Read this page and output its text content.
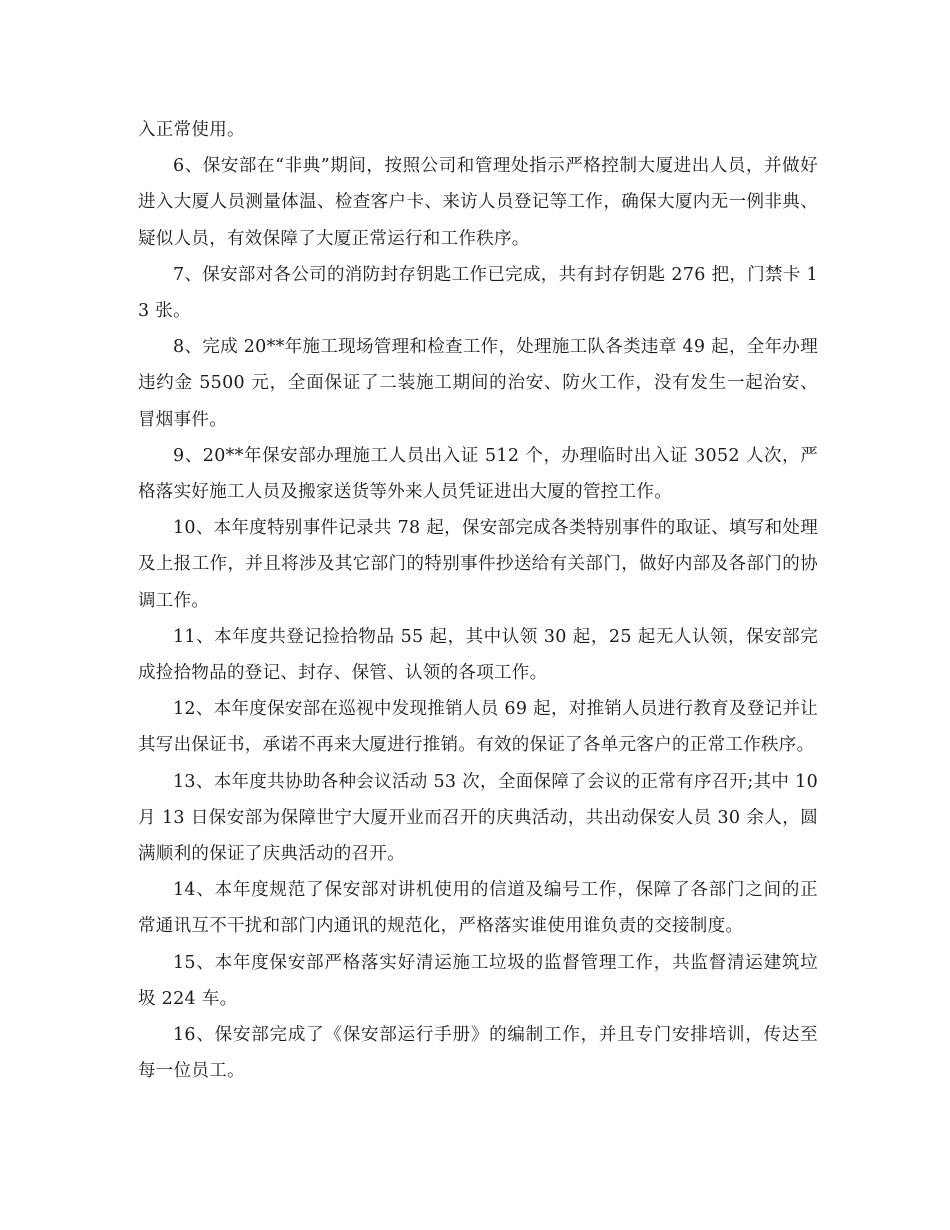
入正常使用。

6、保安部在“非典”期间，按照公司和管理处指示严格控制大厦进出人员，并做好进入大厦人员测量体温、检查客户卡、来访人员登记等工作，确保大厦内无一例非典、疑似人员，有效保障了大厦正常运行和工作秩序。

7、保安部对各公司的消防封存钥匙工作已完成，共有封存钥匙 276 把，门禁卡 13 张。

8、完成 20**年施工现场管理和检查工作，处理施工队各类违章 49 起，全年办理违约金 5500 元，全面保证了二装施工期间的治安、防火工作，没有发生一起治安、冒烟事件。

9、20**年保安部办理施工人员出入证 512 个，办理临时出入证 3052 人次，严格落实好施工人员及搬家送货等外来人员凭证进出大厦的管控工作。

10、本年度特别事件记录共 78 起，保安部完成各类特别事件的取证、填写和处理及上报工作，并且将涉及其它部门的特别事件抄送给有关部门，做好内部及各部门的协调工作。

11、本年度共登记捡拾物品 55 起，其中认领 30 起，25 起无人认领，保安部完成捡拾物品的登记、封存、保管、认领的各项工作。

12、本年度保安部在巡视中发现推销人员 69 起，对推销人员进行教育及登记并让其写出保证书，承诺不再来大厦进行推销。有效的保证了各单元客户的正常工作秩序。

13、本年度共协助各种会议活动 53 次，全面保障了会议的正常有序召开;其中 10 月 13 日保安部为保障世宁大厦开业而召开的庆典活动，共出动保安人员 30 余人，圆满顺利的保证了庆典活动的召开。

14、本年度规范了保安部对讲机使用的信道及编号工作，保障了各部门之间的正常通讯互不干扰和部门内通讯的规范化，严格落实谁使用谁负责的交接制度。

15、本年度保安部严格落实好清运施工垃圾的监督管理工作，共监督清运建筑垃圾 224 车。

16、保安部完成了《保安部运行手册》的编制工作，并且专门安排培训，传达至每一位员工。
